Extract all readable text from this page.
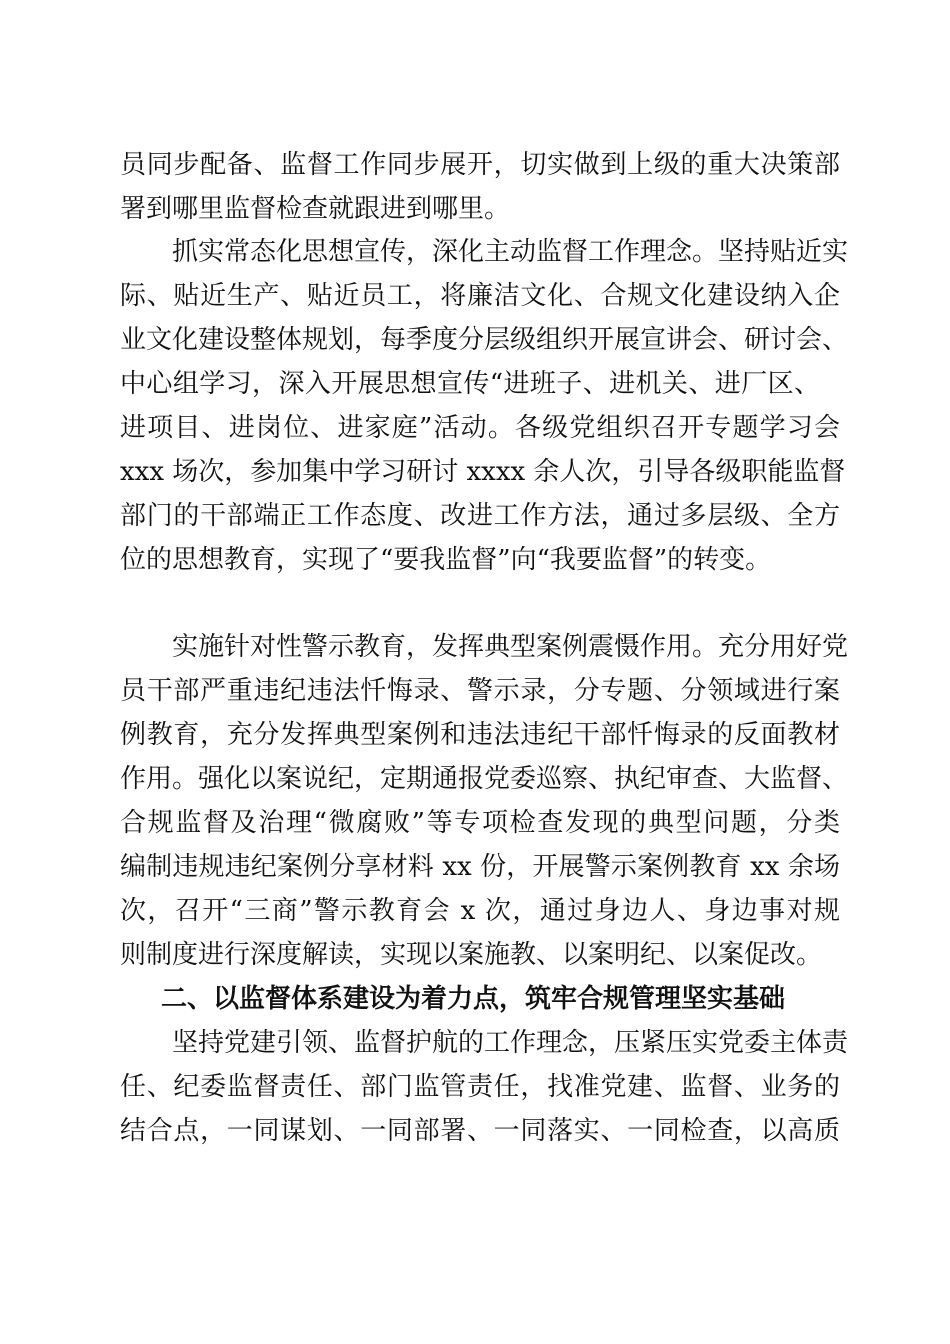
员同步配备、监督工作同步展开，切实做到上级的重大决策部
署到哪里监督检查就跟进到哪里。
抓实常态化思想宣传，深化主动监督工作理念。坚持贴近实
际、贴近生产、贴近员工，将廉洁文化、合规文化建设纳入企
业文化建设整体规划，每季度分层级组织开展宣讲会、研讨会、
中心组学习，深入开展思想宣传“进班子、进机关、进厂区、
进项目、进岗位、进家庭”活动。各级党组织召开专题学习会
xxx 场次，参加集中学习研讨 xxxx 余人次，引导各级职能监督
部门的干部端正工作态度、改进工作方法，通过多层级、全方
位的思想教育，实现了“要我监督”向“我要监督”的转变。
实施针对性警示教育，发挥典型案例震慑作用。充分用好党
员干部严重违纪违法忏悔录、警示录，分专题、分领域进行案
例教育，充分发挥典型案例和违法违纪干部忏悔录的反面教材
作用。强化以案说纪，定期通报党委巡察、执纪审查、大监督、
合规监督及治理“微腐败”等专项检查发现的典型问题，分类
编制违规违纪案例分享材料 xx 份，开展警示案例教育 xx 余场
次，召开“三商”警示教育会 x 次，通过身边人、身边事对规
则制度进行深度解读，实现以案施教、以案明纪、以案促改。
二、以监督体系建设为着力点，筑牢合规管理坚实基础
坚持党建引领、监督护航的工作理念，压紧压实党委主体责
任、纪委监督责任、部门监管责任，找准党建、监督、业务的
结合点，一同谋划、一同部署、一同落实、一同检查，以高质
